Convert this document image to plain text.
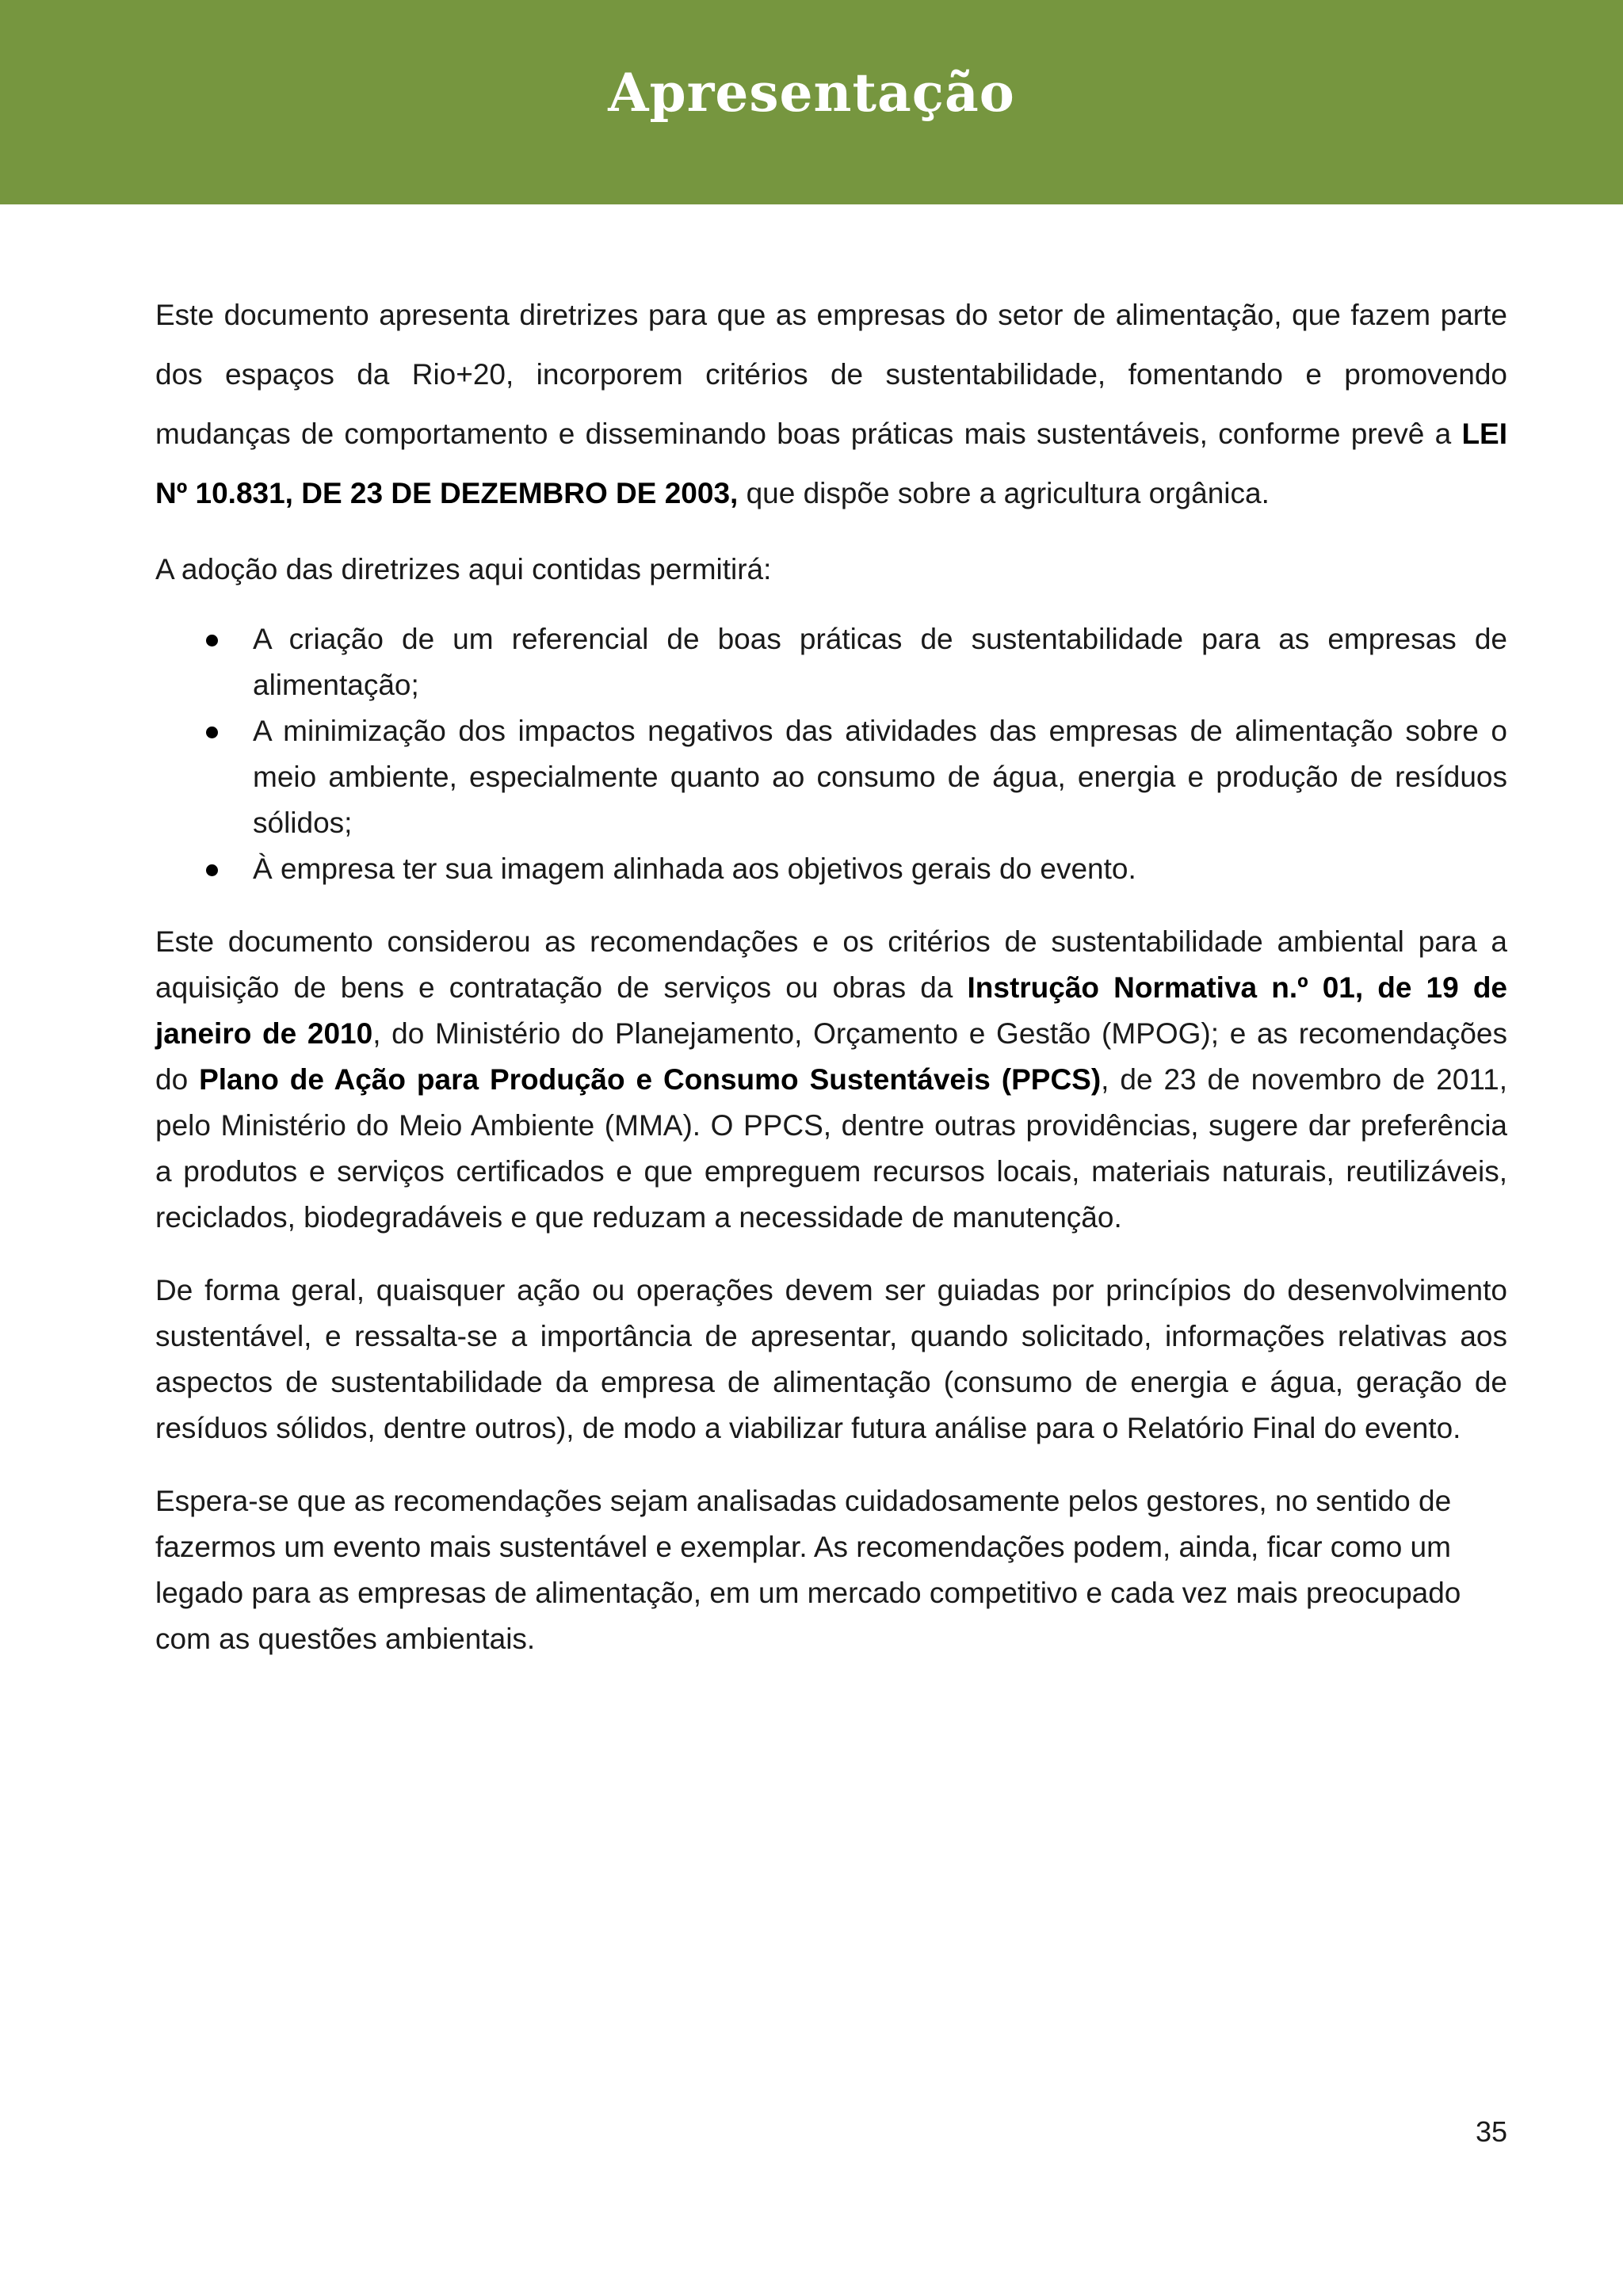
Apresentação

Este documento apresenta diretrizes para que as empresas do setor de alimentação, que fazem parte dos espaços da Rio+20, incorporem critérios de sustentabilidade, fomentando e promovendo mudanças de comportamento e disseminando boas práticas mais sustentáveis, conforme prevê a LEI Nº 10.831, DE 23 DE DEZEMBRO DE 2003, que dispõe sobre a agricultura orgânica.

A adoção das diretrizes aqui contidas permitirá:

A criação de um referencial de boas práticas de sustentabilidade para as empresas de alimentação;
A minimização dos impactos negativos das atividades das empresas de alimentação sobre o meio ambiente, especialmente quanto ao consumo de água, energia e produção de resíduos sólidos;
À empresa ter sua imagem alinhada aos objetivos gerais do evento.

Este documento considerou as recomendações e os critérios de sustentabilidade ambiental para a aquisição de bens e contratação de serviços ou obras da Instrução Normativa n.º 01, de 19 de janeiro de 2010, do Ministério do Planejamento, Orçamento e Gestão (MPOG); e as recomendações do Plano de Ação para Produção e Consumo Sustentáveis (PPCS), de 23 de novembro de 2011, pelo Ministério do Meio Ambiente (MMA). O PPCS, dentre outras providências, sugere dar preferência a produtos e serviços certificados e que empreguem recursos locais, materiais naturais, reutilizáveis, reciclados, biodegradáveis e que reduzam a necessidade de manutenção.

De forma geral, quaisquer ação ou operações devem ser guiadas por princípios do desenvolvimento sustentável, e ressalta-se a importância de apresentar, quando solicitado, informações relativas aos aspectos de sustentabilidade da empresa de alimentação (consumo de energia e água, geração de resíduos sólidos, dentre outros), de modo a viabilizar futura análise para o Relatório Final do evento.

Espera-se que as recomendações sejam analisadas cuidadosamente pelos gestores, no sentido de fazermos um evento mais sustentável e exemplar. As recomendações podem, ainda, ficar como um legado para as empresas de alimentação, em um mercado competitivo e cada vez mais preocupado com as questões ambientais.

35
